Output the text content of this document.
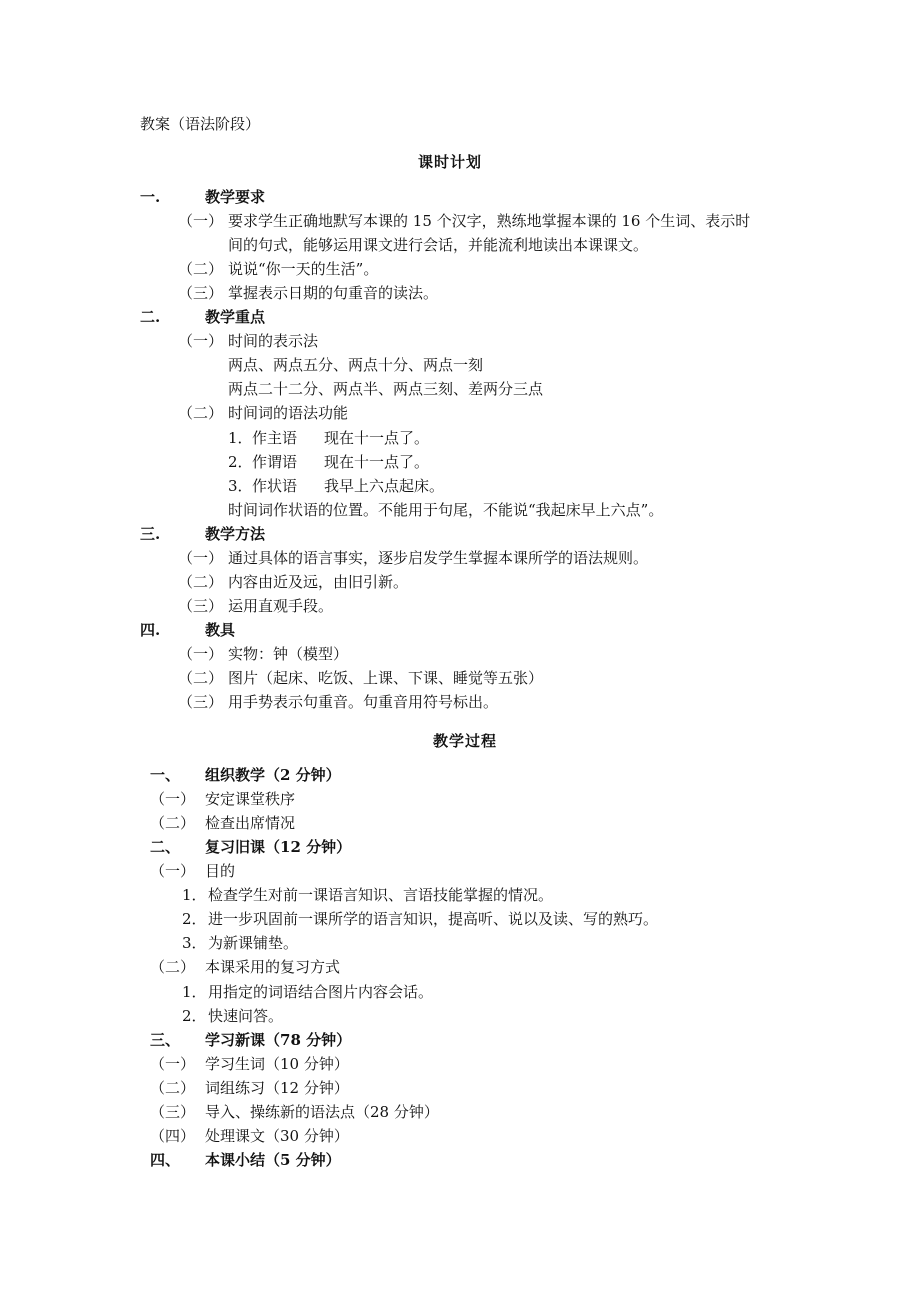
教案（语法阶段）
课时计划
一.	教学要求
（一） 要求学生正确地默写本课的 15 个汉字，熟练地掌握本课的 16 个生词、表示时
间的句式，能够运用课文进行会话，并能流利地读出本课课文。
（二） 说说“你一天的生活”。
（三） 掌握表示日期的句重音的读法。
二.	教学重点
（一） 时间的表示法
两点、两点五分、两点十分、两点一刻
两点二十二分、两点半、两点三刻、差两分三点
（二） 时间词的语法功能
1． 作主语 现在十一点了。
2． 作谓语 现在十一点了。
3． 作状语 我早上六点起床。
时间词作状语的位置。不能用于句尾，不能说“我起床早上六点”。
三.	教学方法
（一） 通过具体的语言事实，逐步启发学生掌握本课所学的语法规则。
（二） 内容由近及远，由旧引新。
（三） 运用直观手段。
四.	教具
（一） 实物：钟（模型）
（二） 图片（起床、吃饭、上课、下课、睡觉等五张）
（三） 用手势表示句重音。句重音用符号标出。
教学过程
一、 组织教学（2 分钟）
（一） 安定课堂秩序
（二） 检查出席情况
二、 复习旧课（12 分钟）
（一） 目的
1． 检查学生对前一课语言知识、言语技能掌握的情况。
2． 进一步巩固前一课所学的语言知识，提高听、说以及读、写的熟巧。
3． 为新课铺垫。
（二） 本课采用的复习方式
1． 用指定的词语结合图片内容会话。
2． 快速问答。
三、 学习新课（78 分钟）
（一） 学习生词（10 分钟）
（二） 词组练习（12 分钟）
（三） 导入、操练新的语法点（28 分钟）
（四） 处理课文（30 分钟）
四、 本课小结（5 分钟）
